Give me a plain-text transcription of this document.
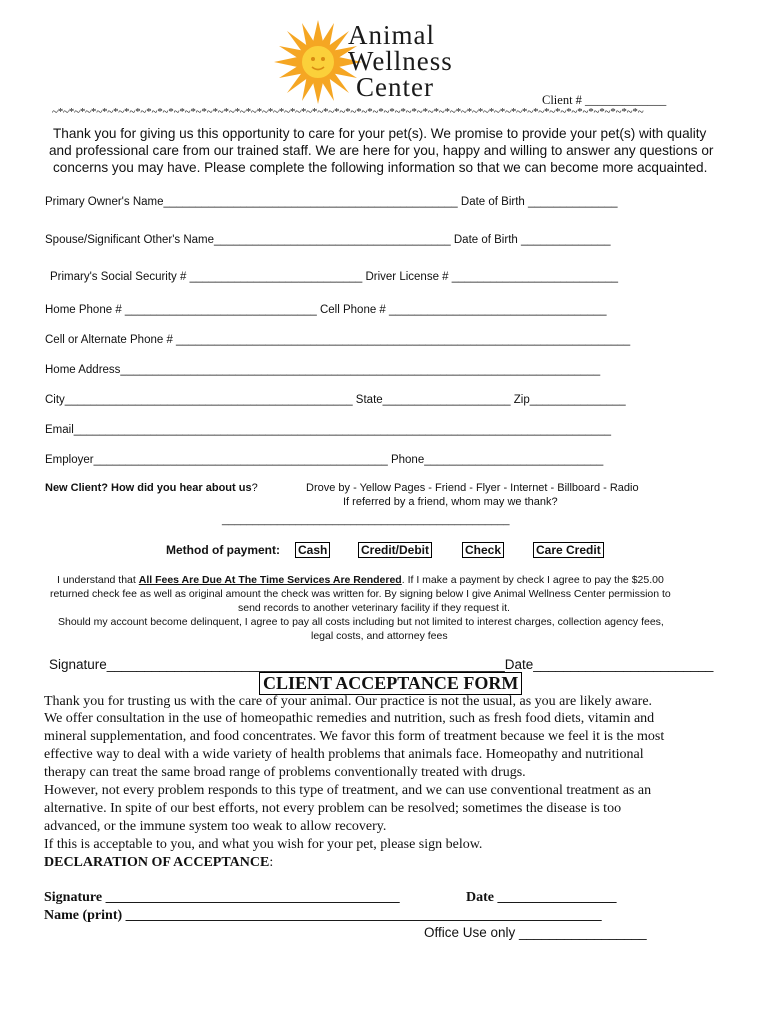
Animal
Wellness
Center	Client # _____________
~*~*~*~*~*~*~*~*~*~*~*~*~*~*~*~*~*~*~*~*~*~*~*~*~*~*~*~*~*~*~*~*~*~*~*~*~*~*~*~*~*~*~*~*~*~*~*~*~*~*~*~*~*~
Thank you for giving us this opportunity to care for your pet(s). We promise to provide your pet(s) with quality
and professional care from our trained staff. We are here for you, happy and willing to answer any questions or
concerns you may have. Please complete the following information so that we can become more acquainted.
Primary Owner's Name______________________________________________ Date of Birth ______________
Spouse/Significant Other's Name_____________________________________ Date of Birth ______________
Primary's Social Security # ___________________________ Driver License # __________________________
Home Phone # ______________________________ Cell Phone # __________________________________
Cell or Alternate Phone # _______________________________________________________________________
Home Address___________________________________________________________________________
City_____________________________________________ State____________________ Zip_______________
Email____________________________________________________________________________________
Employer______________________________________________ Phone____________________________
New Client? How did you hear about us?	Drove by - Yellow Pages - Friend - Flyer - Internet - Billboard - Radio
If referred by a friend, whom may we thank?
_______________________________________________
Method of payment: Cash	Credit/Debit	Check	Care Credit
I understand that All Fees Are Due At The Time Services Are Rendered. If I make a payment by check I agree to pay the $25.00
returned check fee as well as original amount the check was written for. By signing below I give Animal Wellness Center permission to
send records to another veterinary facility if they request it.
Should my account become delinquent, I agree to pay all costs including but not limited to interest charges, collection agency fees,
legal costs, and attorney fees
Signature_____________________________________________________Date________________________
CLIENT ACCEPTANCE FORM
Thank you for trusting us with the care of your animal. Our practice is not the usual, as you are likely aware.
We offer consultation in the use of homeopathic remedies and nutrition, such as fresh food diets, vitamin and
mineral supplementation, and food concentrates. We favor this form of treatment because we feel it is the most
effective way to deal with a wide variety of health problems that animals face. Homeopathy and nutritional
therapy can treat the same broad range of problems conventionally treated with drugs.
However, not every problem responds to this type of treatment, and we can use conventional treatment as an
alternative. In spite of our best efforts, not every problem can be resolved; sometimes the disease is too
advanced, or the immune system too weak to allow recovery.
If this is acceptable to you, and what you wish for your pet, please sign below.
DECLARATION OF ACCEPTANCE:
Signature __________________________________________	Date _________________
Name (print) ____________________________________________________________________
Office Use only _________________
